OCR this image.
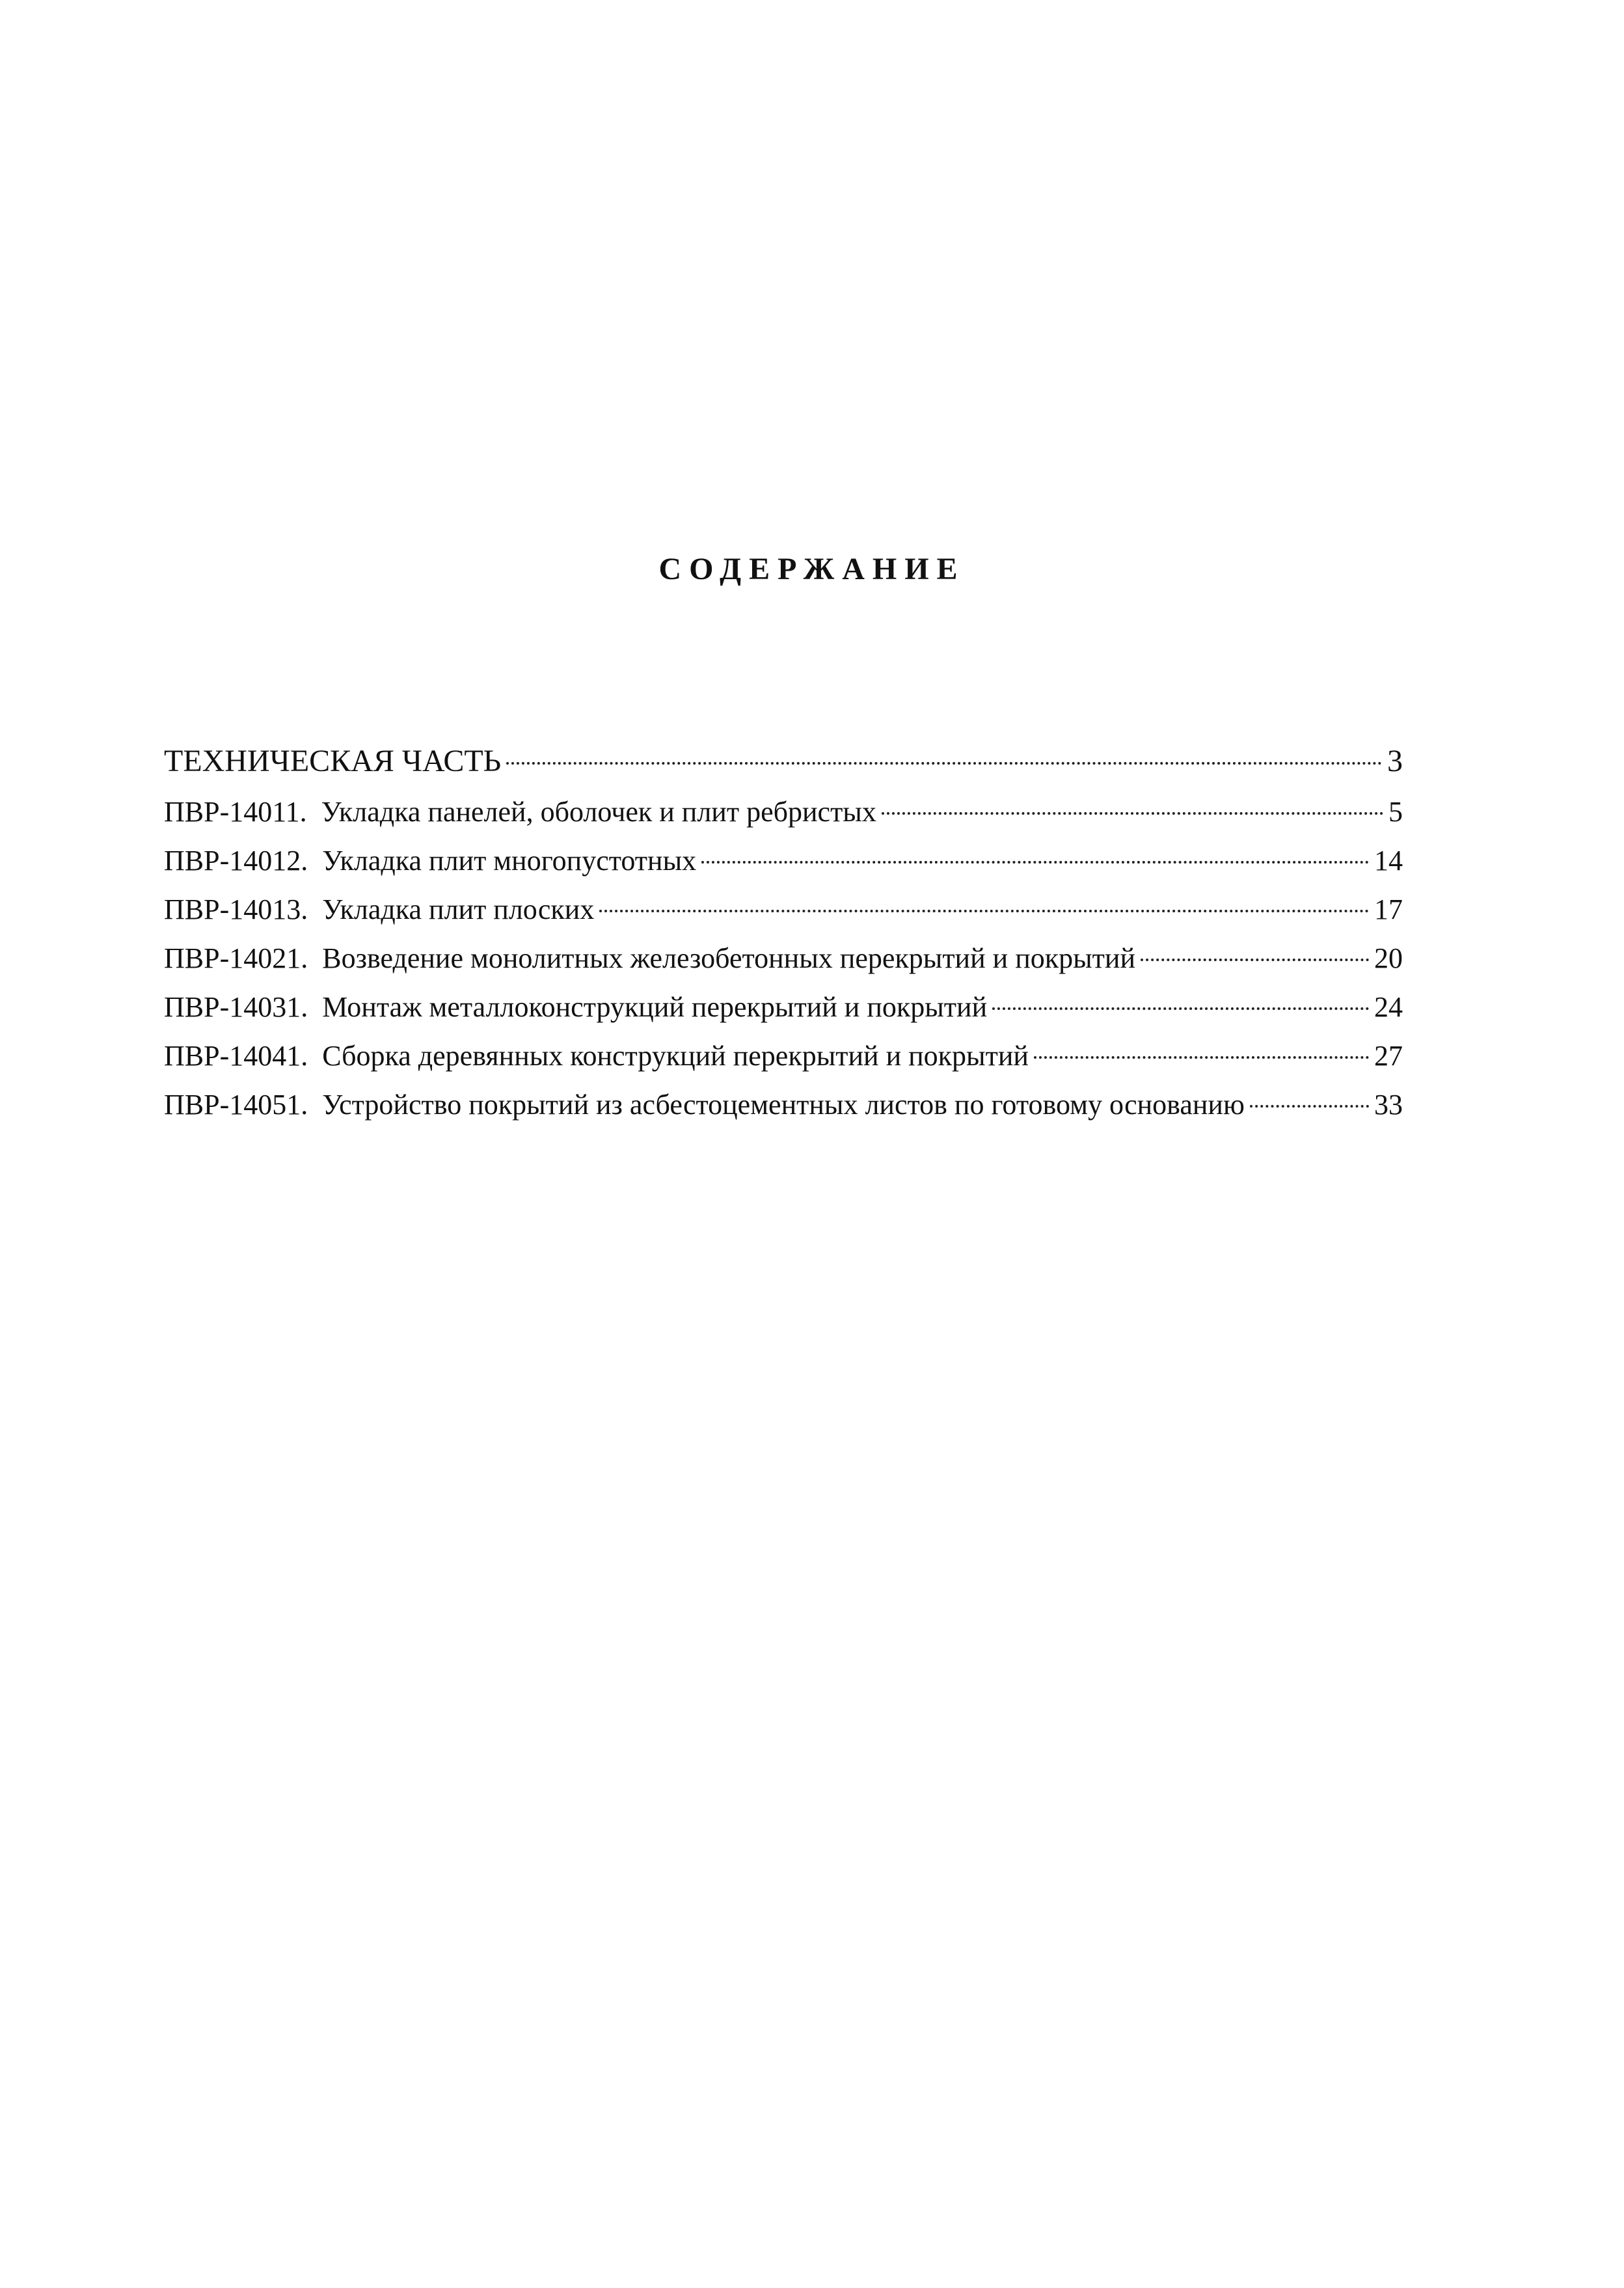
СОДЕРЖАНИЕ
ТЕХНИЧЕСКАЯ ЧАСТЬ	3
ПВР-14011. Укладка панелей, оболочек и плит ребристых	5
ПВР-14012. Укладка плит многопустотных	14
ПВР-14013. Укладка плит плоских	17
ПВР-14021. Возведение монолитных железобетонных перекрытий и покрытий	20
ПВР-14031. Монтаж металлоконструкций перекрытий и покрытий	24
ПВР-14041. Сборка деревянных конструкций перекрытий и покрытий	27
ПВР-14051. Устройство покрытий из асбестоцементных листов по готовому основанию	33
